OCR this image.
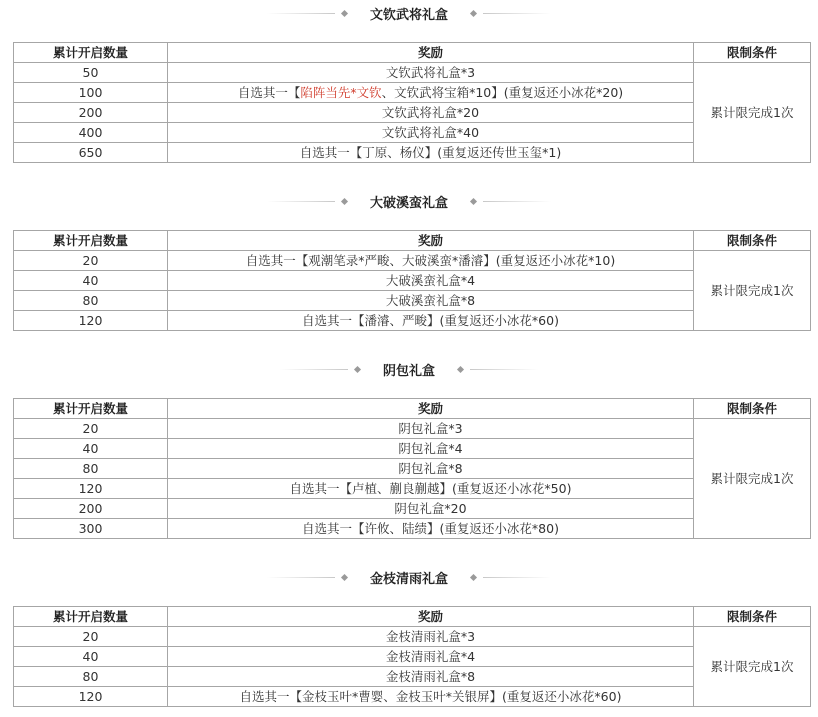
文钦武将礼盒
累计开启数量	奖励	限制条件
50	文钦武将礼盒*3	累计限完成1次
100	自选其一【陷阵当先*文钦、文钦武将宝箱*10】(重复返还小冰花*20)	
200	文钦武将礼盒*20	
400	文钦武将礼盒*40	
650	自选其一【丁原、杨仪】(重复返还传世玉玺*1)	
大破溪蛮礼盒
累计开启数量	奖励	限制条件
20	自选其一【观潮笔录*严畯、大破溪蛮*潘濬】(重复返还小冰花*10)	累计限完成1次
40	大破溪蛮礼盒*4	
80	大破溪蛮礼盒*8	
120	自选其一【潘濬、严畯】(重复返还小冰花*60)	
阴包礼盒
累计开启数量	奖励	限制条件
20	阴包礼盒*3	累计限完成1次
40	阴包礼盒*4	
80	阴包礼盒*8	
120	自选其一【卢植、蒯良蒯越】(重复返还小冰花*50)	
200	阴包礼盒*20	
300	自选其一【许攸、陆绩】(重复返还小冰花*80)	
金枝清雨礼盒
累计开启数量	奖励	限制条件
20	金枝清雨礼盒*3	累计限完成1次
40	金枝清雨礼盒*4	
80	金枝清雨礼盒*8	
120	自选其一【金枝玉叶*曹婴、金枝玉叶*关银屏】(重复返还小冰花*60)	
